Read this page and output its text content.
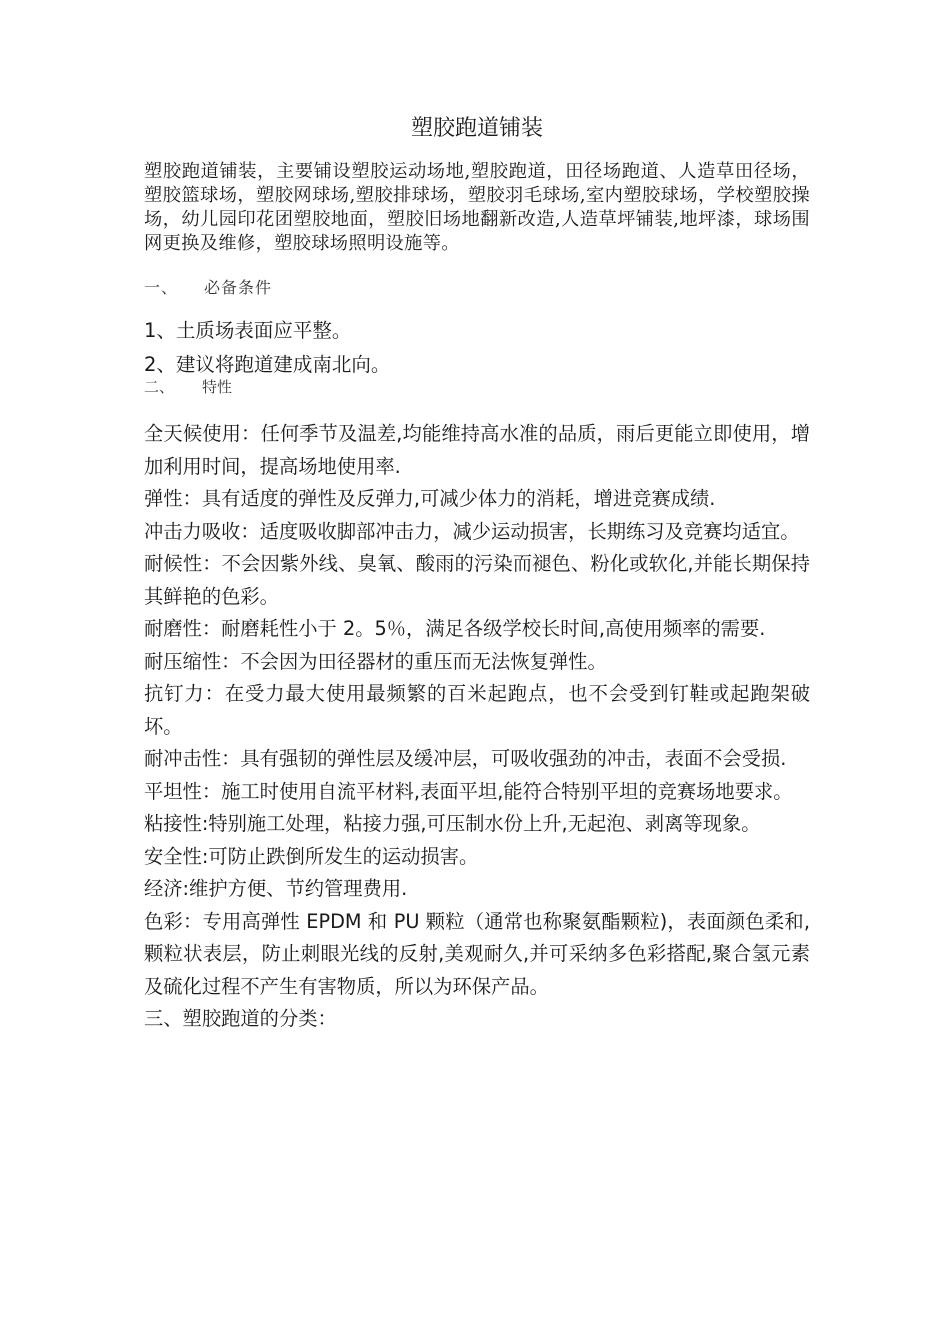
塑胶跑道铺装

塑胶跑道铺装，主要铺设塑胶运动场地,塑胶跑道，田径场跑道、人造草田径场，塑胶篮球场，塑胶网球场,塑胶排球场，塑胶羽毛球场,室内塑胶球场，学校塑胶操场，幼儿园印花团塑胶地面，塑胶旧场地翻新改造,人造草坪铺装,地坪漆，球场围网更换及维修，塑胶球场照明设施等。

一、 必备条件

1、土质场表面应平整。

2、建议将跑道建成南北向。

二、 特性

全天候使用：任何季节及温差,均能维持高水准的品质，雨后更能立即使用，增加利用时间，提高场地使用率.

弹性：具有适度的弹性及反弹力,可减少体力的消耗，增进竞赛成绩.

冲击力吸收：适度吸收脚部冲击力，减少运动损害，长期练习及竞赛均适宜。

耐候性：不会因紫外线、臭氧、酸雨的污染而褪色、粉化或软化,并能长期保持其鲜艳的色彩。

耐磨性：耐磨耗性小于 2。5％，满足各级学校长时间,高使用频率的需要.

耐压缩性：不会因为田径器材的重压而无法恢复弹性。

抗钉力：在受力最大使用最频繁的百米起跑点，也不会受到钉鞋或起跑架破坏。

耐冲击性：具有强韧的弹性层及缓冲层，可吸收强劲的冲击，表面不会受损.

平坦性：施工时使用自流平材料,表面平坦,能符合特别平坦的竞赛场地要求。

粘接性:特别施工处理，粘接力强,可压制水份上升,无起泡、剥离等现象。

安全性:可防止跌倒所发生的运动损害。

经济:维护方便、节约管理费用.

色彩：专用高弹性 EPDM 和 PU 颗粒（通常也称聚氨酯颗粒)，表面颜色柔和,颗粒状表层，防止刺眼光线的反射,美观耐久,并可采纳多色彩搭配,聚合氢元素及硫化过程不产生有害物质，所以为环保产品。

三、塑胶跑道的分类：
